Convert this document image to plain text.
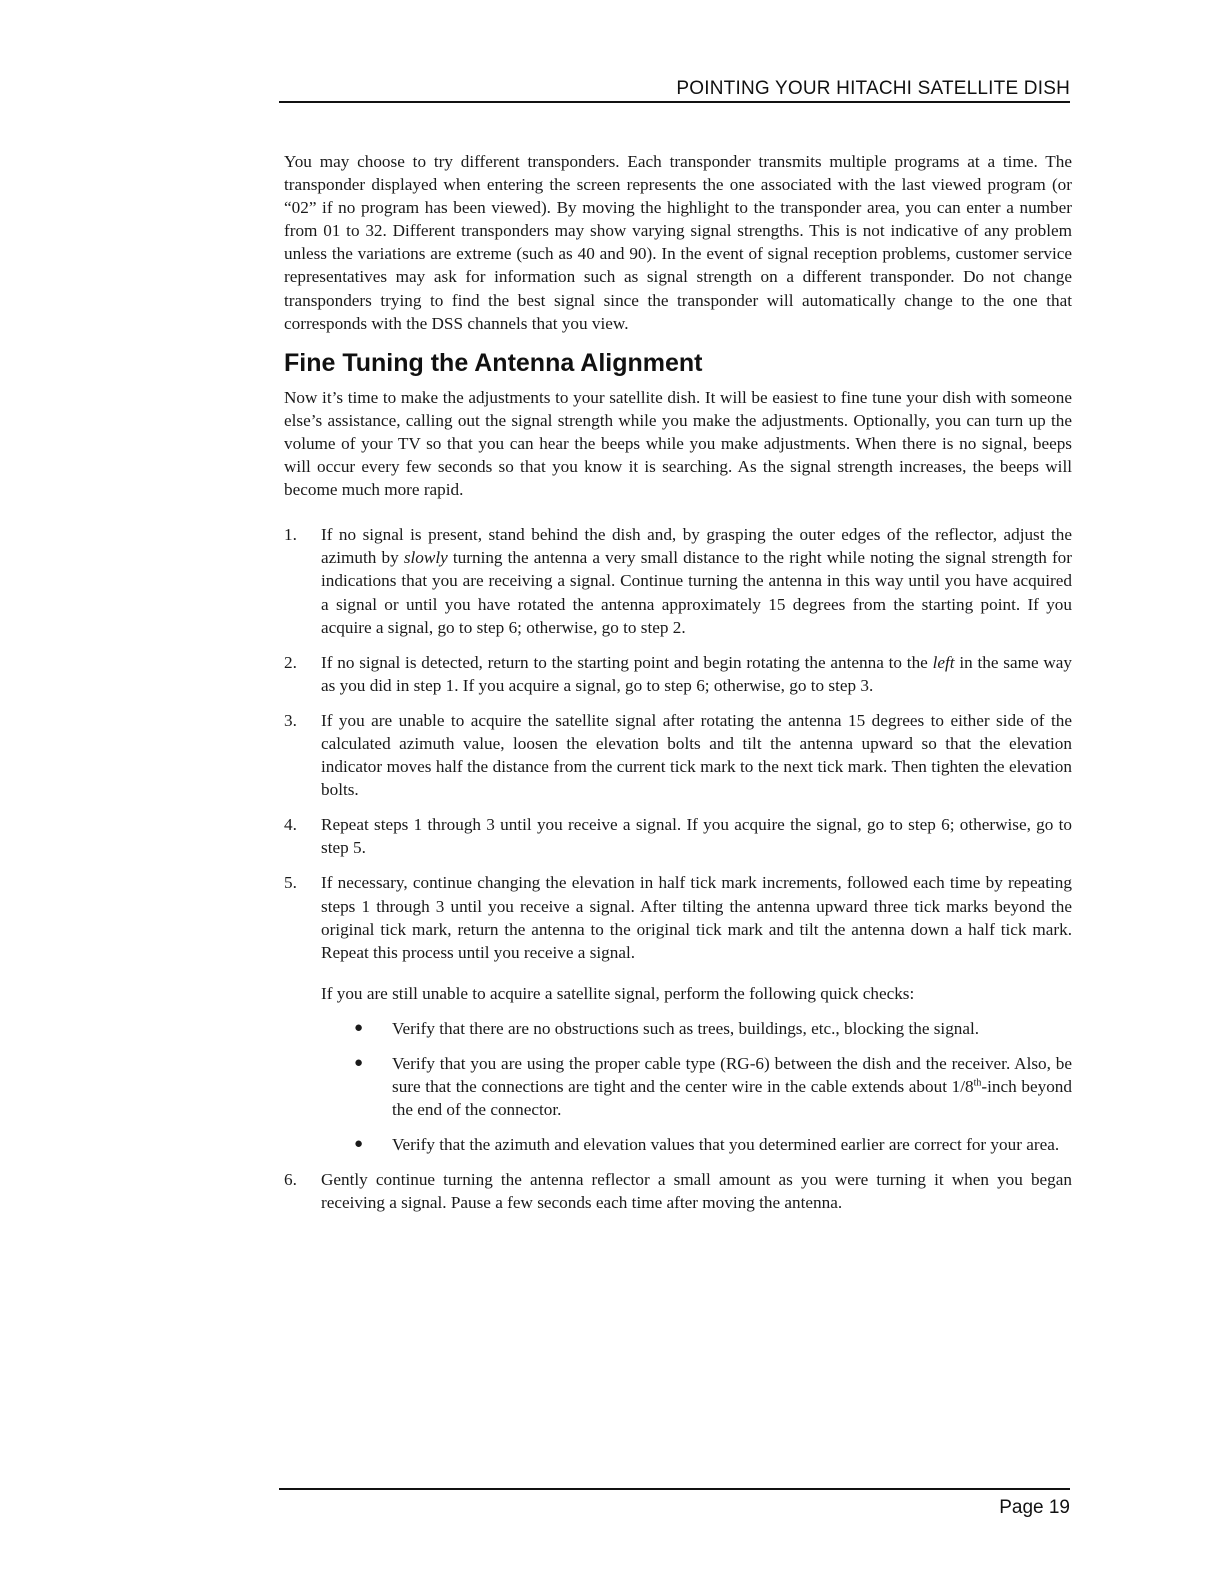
POINTING YOUR HITACHI SATELLITE DISH

You may choose to try different transponders. Each transponder transmits multiple programs at a time. The transponder displayed when entering the screen represents the one associated with the last viewed program (or “02” if no program has been viewed). By moving the highlight to the transponder area, you can enter a number from 01 to 32. Different transponders may show varying signal strengths. This is not indicative of any problem unless the variations are extreme (such as 40 and 90). In the event of signal reception problems, customer service representatives may ask for information such as signal strength on a different transponder. Do not change transponders trying to find the best signal since the transponder will automatically change to the one that corresponds with the DSS channels that you view.

Fine Tuning the Antenna Alignment

Now it’s time to make the adjustments to your satellite dish. It will be easiest to fine tune your dish with someone else’s assistance, calling out the signal strength while you make the adjustments. Optionally, you can turn up the volume of your TV so that you can hear the beeps while you make adjustments. When there is no signal, beeps will occur every few seconds so that you know it is searching. As the signal strength increases, the beeps will become much more rapid.

1. If no signal is present, stand behind the dish and, by grasping the outer edges of the reflector, adjust the azimuth by slowly turning the antenna a very small distance to the right while noting the signal strength for indications that you are receiving a signal. Continue turning the antenna in this way until you have acquired a signal or until you have rotated the antenna approximately 15 degrees from the starting point. If you acquire a signal, go to step 6; otherwise, go to step 2.

2. If no signal is detected, return to the starting point and begin rotating the antenna to the left in the same way as you did in step 1. If you acquire a signal, go to step 6; otherwise, go to step 3.

3. If you are unable to acquire the satellite signal after rotating the antenna 15 degrees to either side of the calculated azimuth value, loosen the elevation bolts and tilt the antenna upward so that the elevation indicator moves half the distance from the current tick mark to the next tick mark. Then tighten the elevation bolts.

4. Repeat steps 1 through 3 until you receive a signal. If you acquire the signal, go to step 6; otherwise, go to step 5.

5. If necessary, continue changing the elevation in half tick mark increments, followed each time by repeating steps 1 through 3 until you receive a signal. After tilting the antenna upward three tick marks beyond the original tick mark, return the antenna to the original tick mark and tilt the antenna down a half tick mark. Repeat this process until you receive a signal.

If you are still unable to acquire a satellite signal, perform the following quick checks:

● Verify that there are no obstructions such as trees, buildings, etc., blocking the signal.

● Verify that you are using the proper cable type (RG-6) between the dish and the receiver. Also, be sure that the connections are tight and the center wire in the cable extends about 1/8th-inch beyond the end of the connector.

● Verify that the azimuth and elevation values that you determined earlier are correct for your area.

6. Gently continue turning the antenna reflector a small amount as you were turning it when you began receiving a signal. Pause a few seconds each time after moving the antenna.

Page 19
